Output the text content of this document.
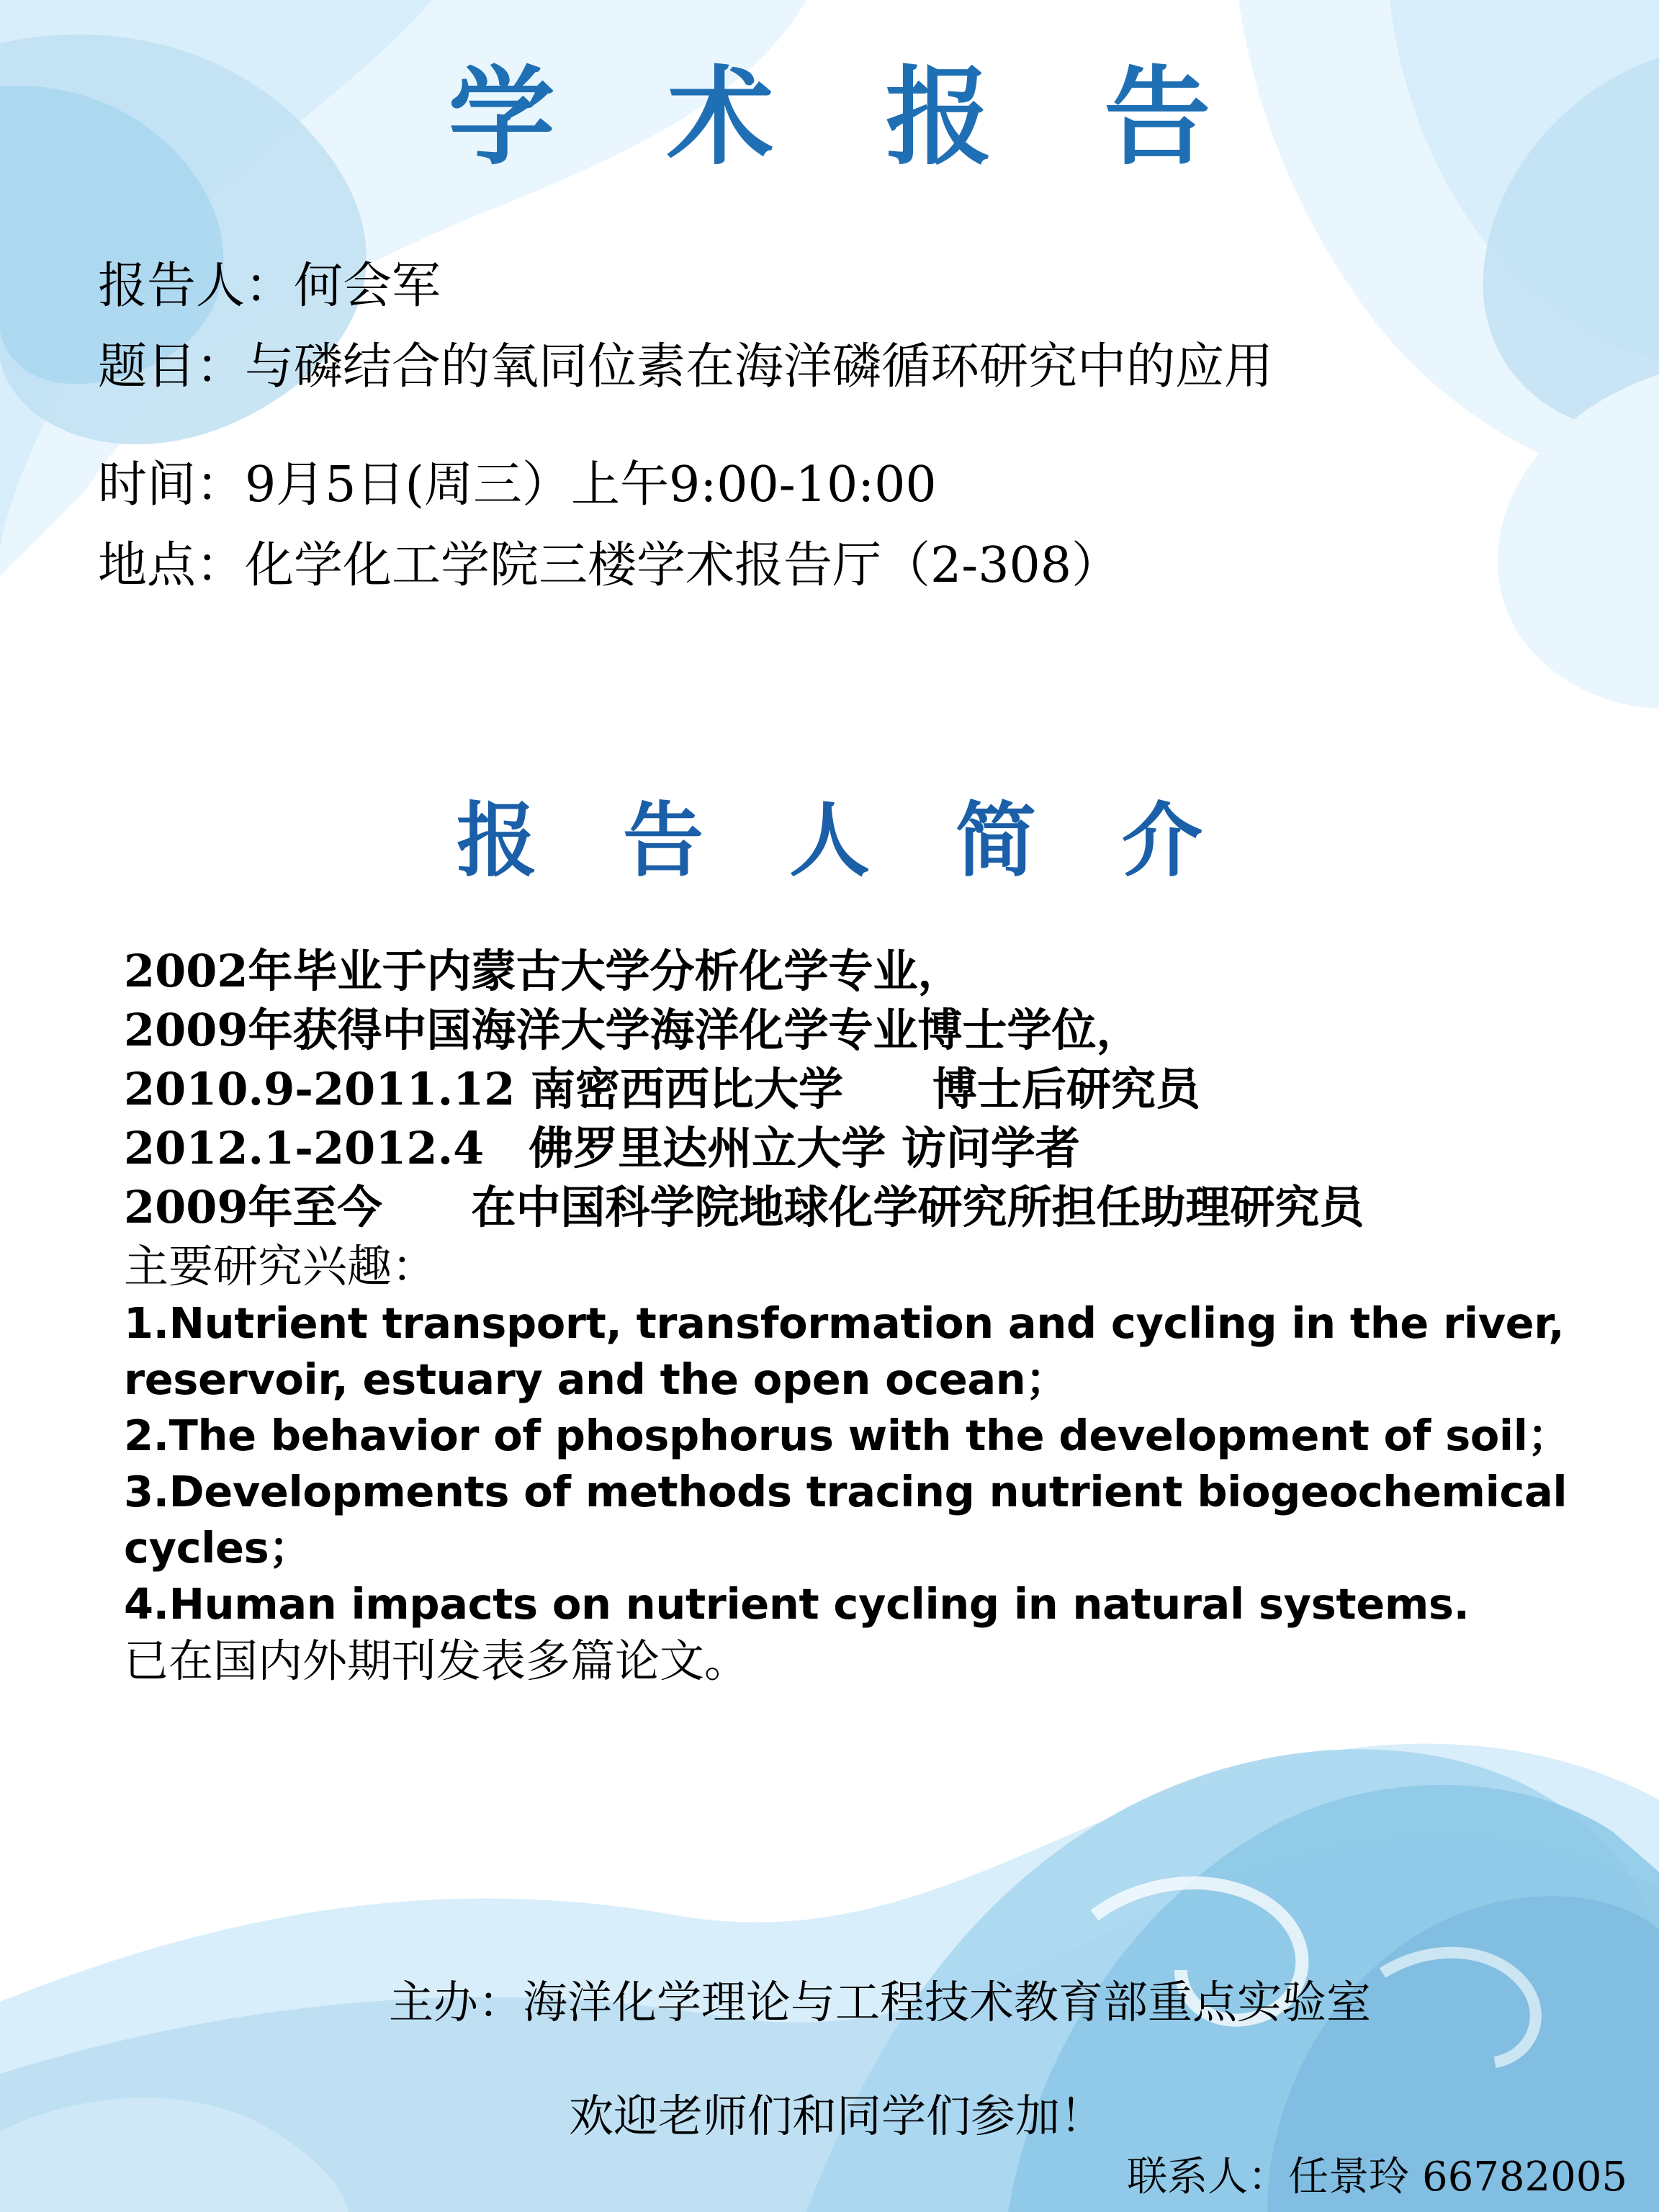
学 术 报 告
报告人：何会军
题目：与磷结合的氧同位素在海洋磷循环研究中的应用
时间：9月5日(周三）上午9:00-10:00
地点：化学化工学院三楼学术报告厅（2-308）
报 告 人 简 介

2002年毕业于内蒙古大学分析化学专业，

2009年获得中国海洋大学海洋化学专业博士学位，

2010.9-2011.12 南密西西比大学　　博士后研究员

2012.1-2012.4　佛罗里达州立大学 访问学者

2009年至今　　在中国科学院地球化学研究所担任助理研究员

主要研究兴趣：

1.Nutrient transport, transformation and cycling in the river, reservoir, estuary and the open ocean；

2.The behavior of phosphorus with the development of soil；

3.Developments of methods tracing nutrient biogeochemical cycles；

4.Human impacts on nutrient cycling in natural systems.

已在国内外期刊发表多篇论文。

主办：海洋化学理论与工程技术教育部重点实验室
欢迎老师们和同学们参加！
联系人：任景玲 66782005
